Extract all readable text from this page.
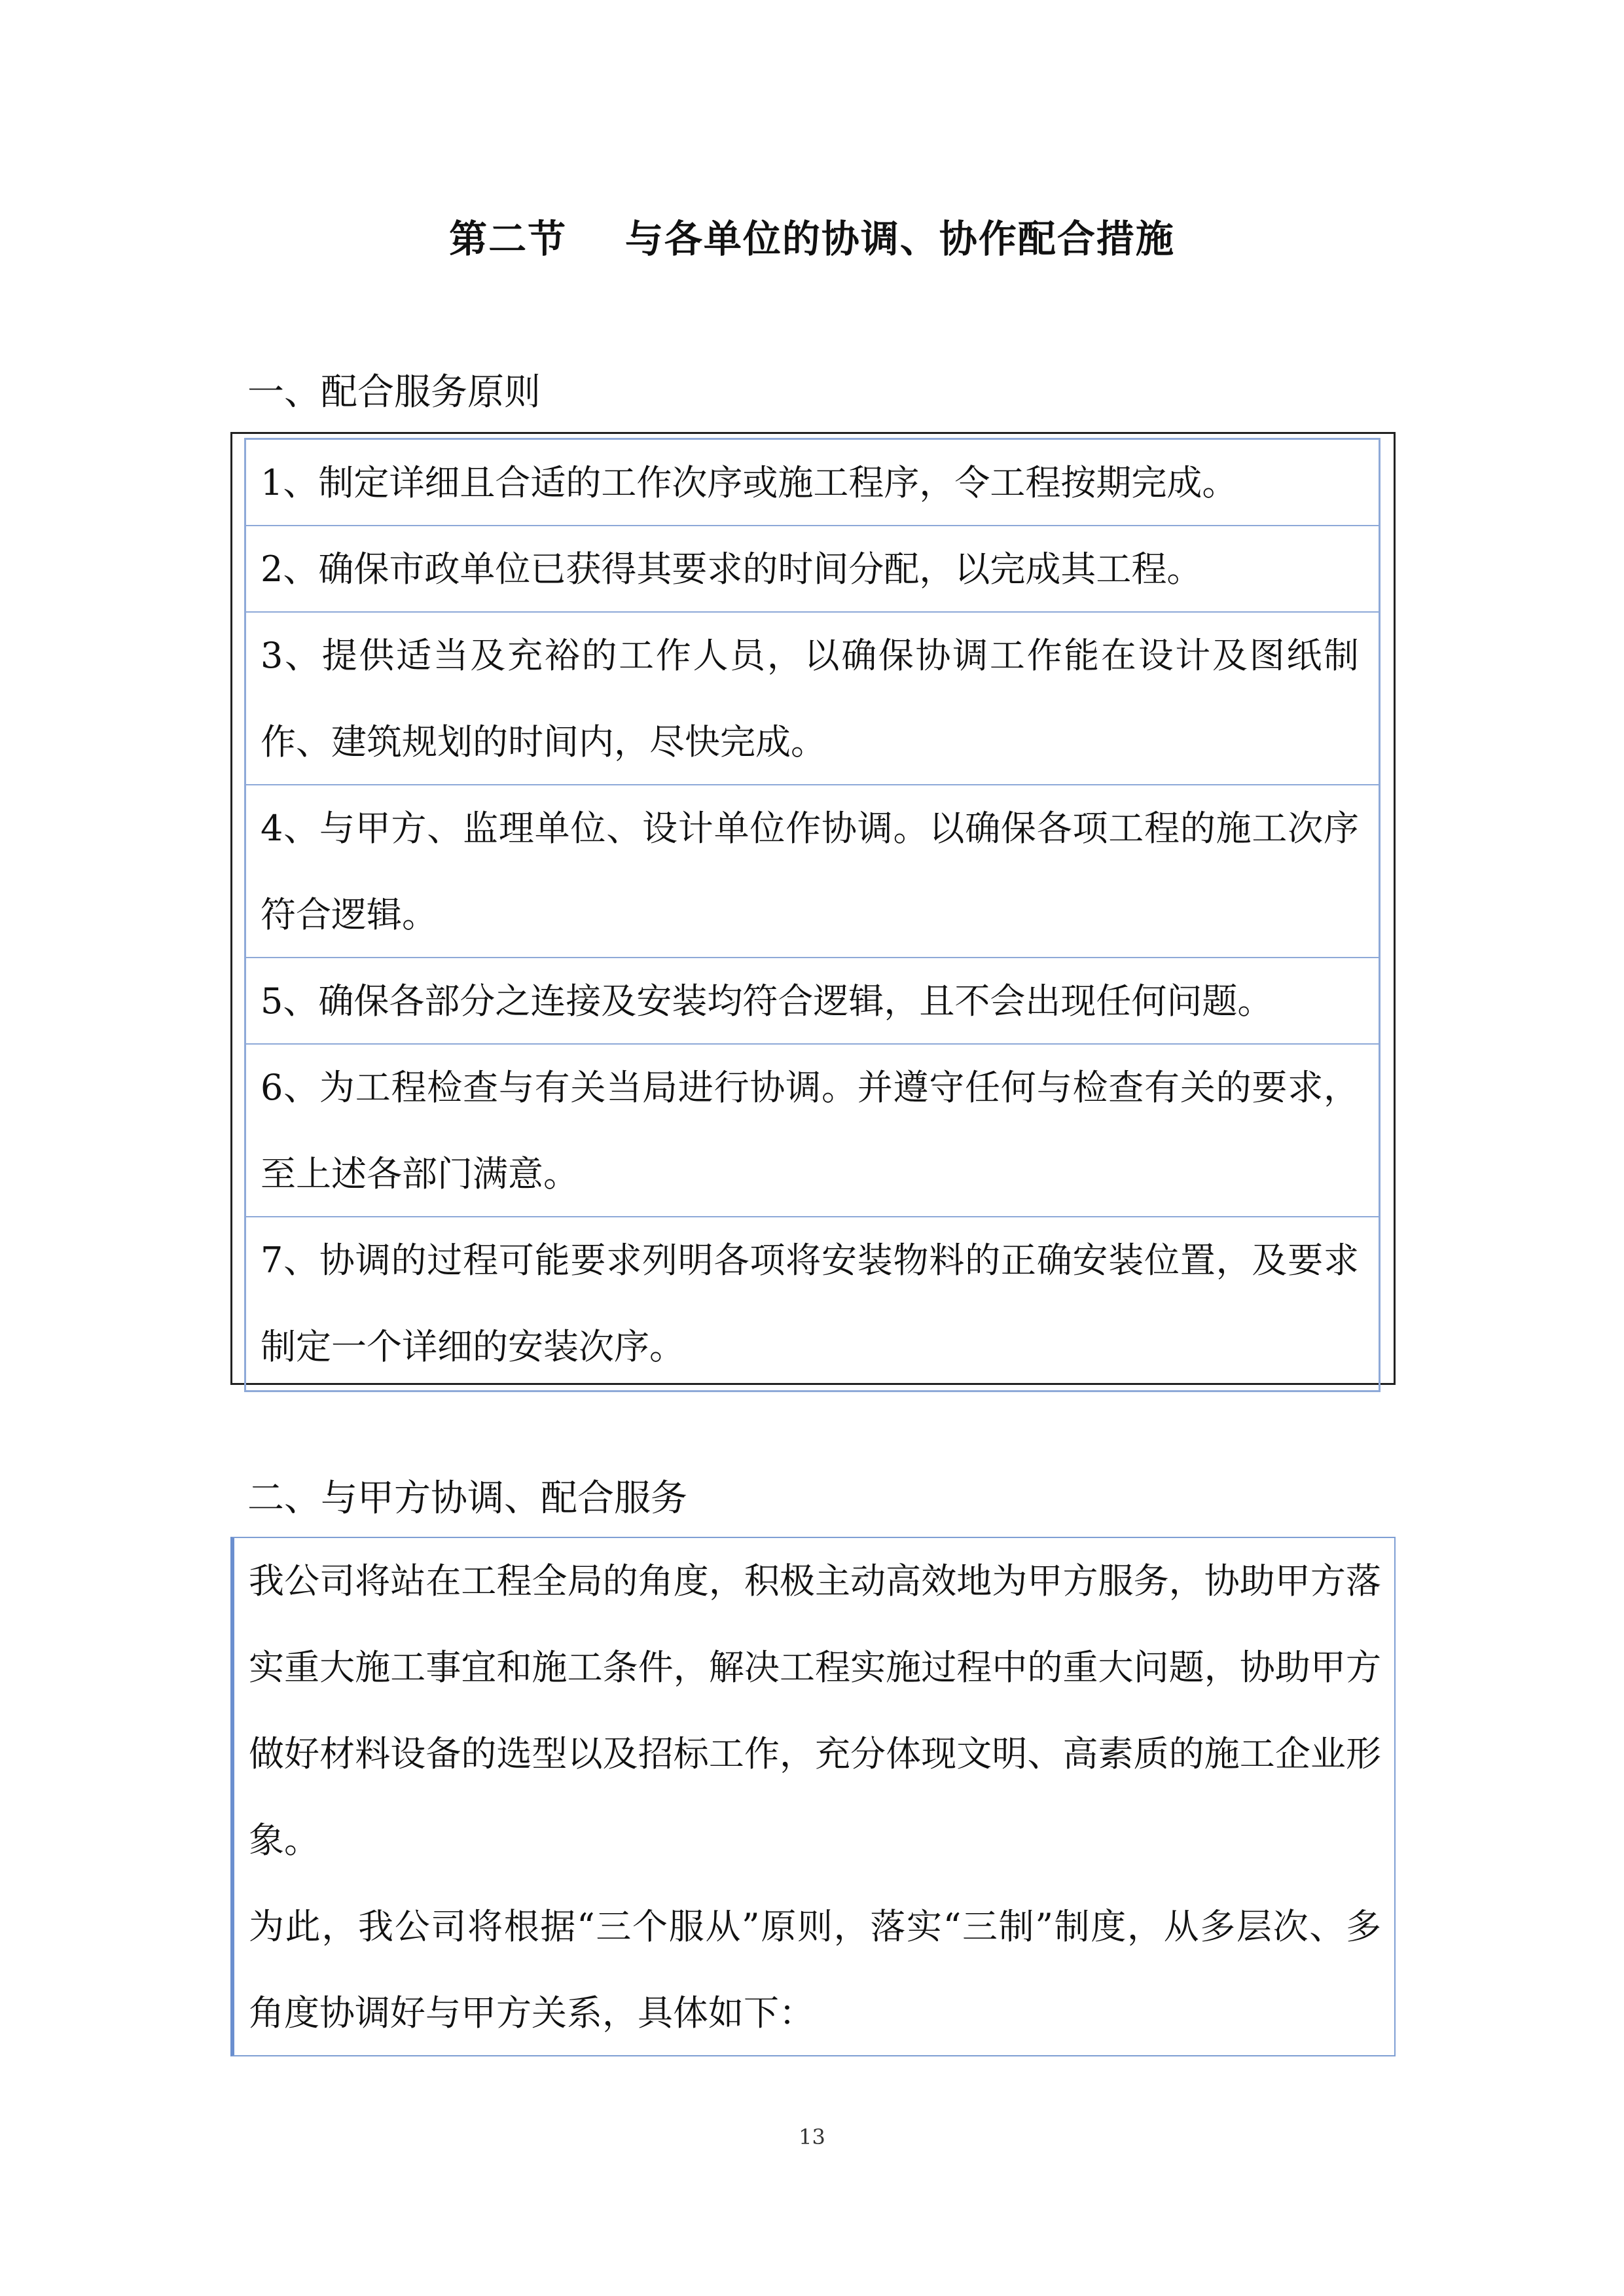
第二节    与各单位的协调、协作配合措施
一、配合服务原则
1、制定详细且合适的工作次序或施工程序，令工程按期完成。
2、确保市政单位已获得其要求的时间分配，以完成其工程。
3、提供适当及充裕的工作人员，以确保协调工作能在设计及图纸制作、建筑规划的时间内，尽快完成。
4、与甲方、监理单位、设计单位作协调。以确保各项工程的施工次序符合逻辑。
5、确保各部分之连接及安装均符合逻辑，且不会出现任何问题。
6、为工程检查与有关当局进行协调。并遵守任何与检查有关的要求，至上述各部门满意。
7、协调的过程可能要求列明各项将安装物料的正确安装位置，及要求制定一个详细的安装次序。
二、与甲方协调、配合服务

我公司将站在工程全局的角度，积极主动高效地为甲方服务，协助甲方落实重大施工事宜和施工条件，解决工程实施过程中的重大问题，协助甲方做好材料设备的选型以及招标工作，充分体现文明、高素质的施工企业形象。

为此，我公司将根据“三个服从”原则，落实“三制”制度，从多层次、多角度协调好与甲方关系，具体如下：

13
